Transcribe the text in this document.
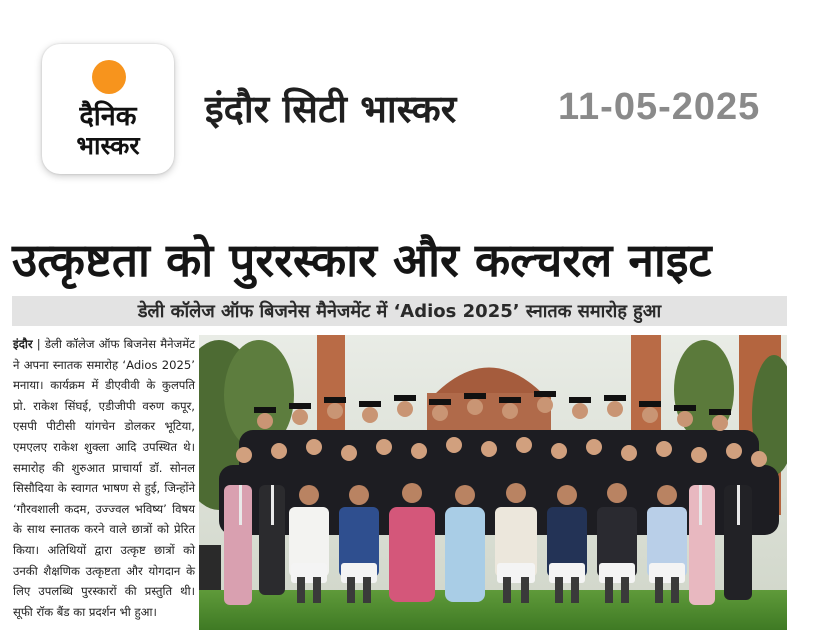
दैनिक
भास्कर
इंदौर सिटी भास्कर	11-05-2025
उत्कृष्टता को पुररस्कार और कल्चरल नाइट
डेली कॉलेज ऑफ बिजनेस मैनेजमेंट में ‘Adios 2025’ स्नातक समारोह हुआ
इंदौर | डेली कॉलेज ऑफ बिजनेस मैनेजमेंट ने अपना स्नातक समारोह ‘Adios 2025’ मनाया। कार्यक्रम में डीएवीवी के कुलपति प्रो. राकेश सिंघई, एडीजीपी वरुण कपूर, एसपी पीटीसी यांगचेन डोलकर भूटिया, एमएलए राकेश शुक्ला आदि उपस्थित थे। समारोह की शुरुआत प्राचार्या डॉ. सोनल सिसौदिया के स्वागत भाषण से हुई, जिन्होंने ‘गौरवशाली कदम, उज्ज्वल भविष्य’ विषय के साथ स्नातक करने वाले छात्रों को प्रेरित किया। अतिथियों द्वारा उत्कृष्ट छात्रों को उनकी शैक्षणिक उत्कृष्टता और योगदान के लिए उपलब्धि पुरस्कारों की प्रस्तुति थी। सूफी रॉक बैंड का प्रदर्शन भी हुआ।
